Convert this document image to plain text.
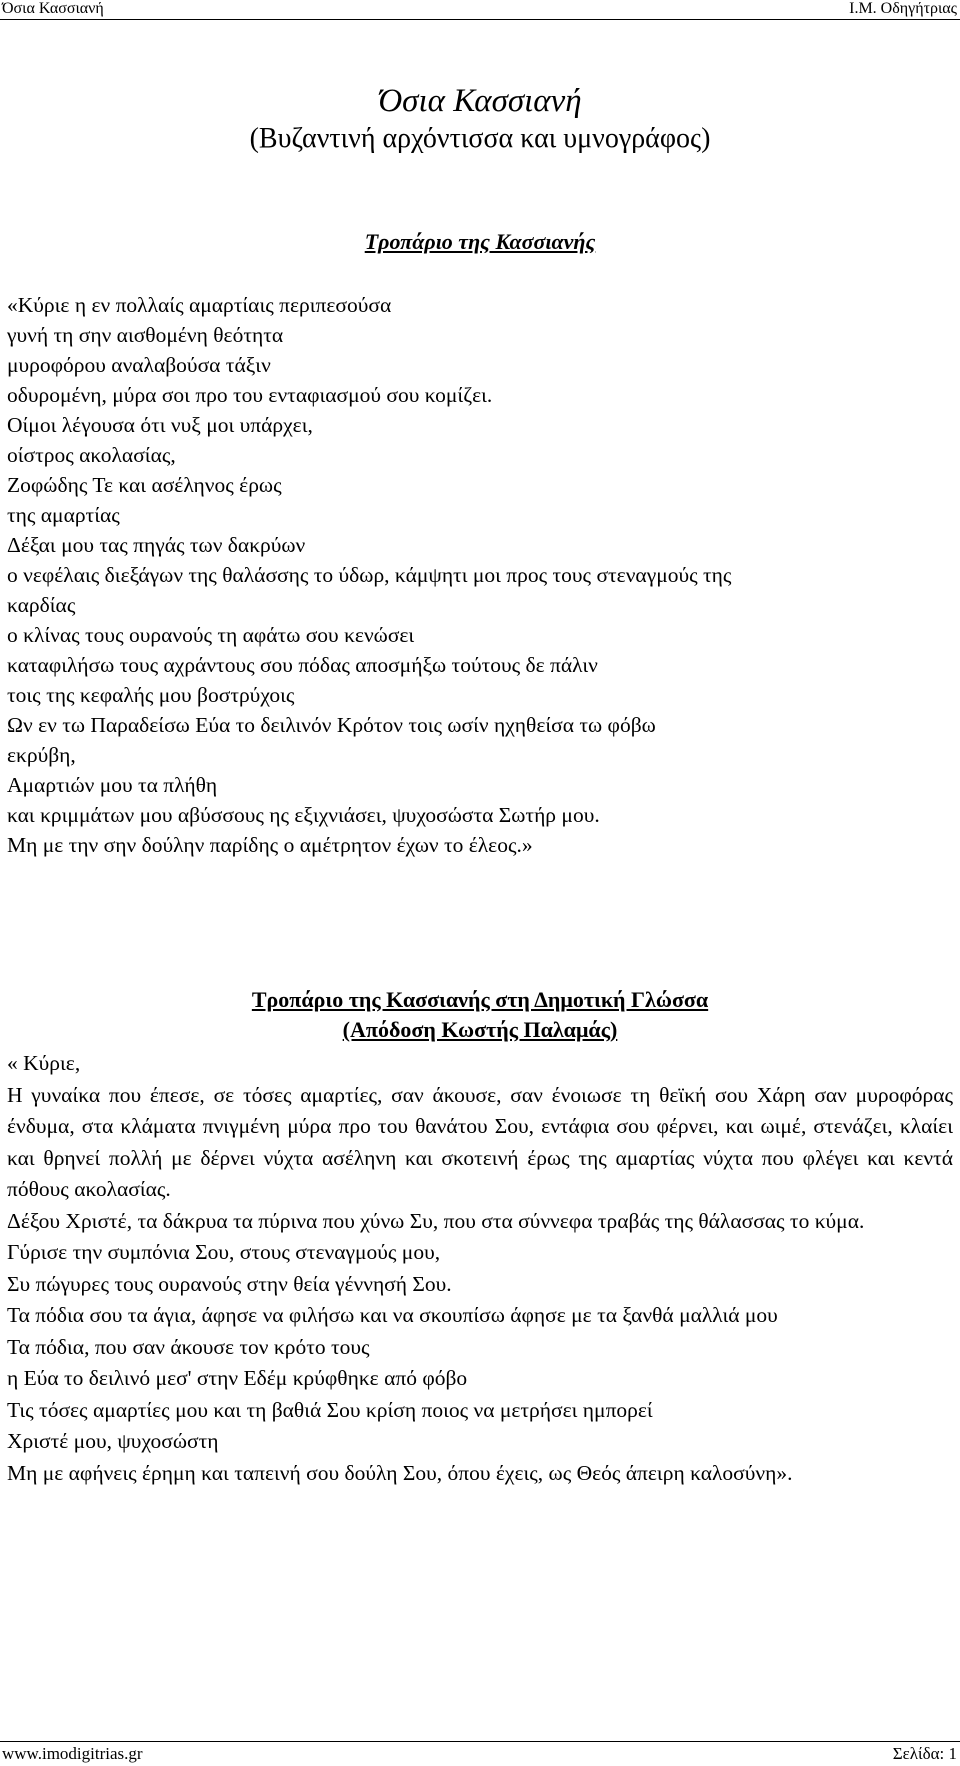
Όσια Κασσιανή	Ι.Μ. Οδηγήτριας
Όσια Κασσιανή
(Βυζαντινή αρχόντισσα και υμνογράφος)
Τροπάριο της Κασσιανής
«Κύριε η εν πολλαίς αμαρτίαις περιπεσούσα
γυνή τη σην αισθομένη θεότητα
μυροφόρου αναλαβούσα τάξιν
οδυρομένη, μύρα σοι προ του ενταφιασμού σου κομίζει.
Οίμοι λέγουσα ότι νυξ μοι υπάρχει,
οίστρος ακολασίας,
Ζοφώδης Τε και ασέληνος έρως
της αμαρτίας
Δέξαι μου τας πηγάς των δακρύων
ο νεφέλαις διεξάγων της θαλάσσης το ύδωρ, κάμψητι μοι προς τους στεναγμούς της
καρδίας
ο κλίνας τους ουρανούς τη αφάτω σου κενώσει
καταφιλήσω τους αχράντους σου πόδας αποσμήξω τούτους δε πάλιν
τοις της κεφαλής μου βοστρύχοις
Ων εν τω Παραδείσω Εύα το δειλινόν Κρότον τοις ωσίν ηχηθείσα τω φόβω
εκρύβη,
Αμαρτιών μου τα πλήθη
και κριμμάτων μου αβύσσους ης εξιχνιάσει, ψυχοσώστα Σωτήρ μου.
Μη με την σην δούλην παρίδης ο αμέτρητον έχων το έλεος.»
Τροπάριο της Κασσιανής στη Δημοτική Γλώσσα
(Απόδοση Κωστής Παλαμάς)
« Κύριε,
Η γυναίκα που έπεσε, σε τόσες αμαρτίες, σαν άκουσε, σαν ένοιωσε τη θεϊκή σου Χάρη σαν μυροφόρας ένδυμα, στα κλάματα πνιγμένη μύρα προ του θανάτου Σου, εντάφια σου φέρνει, και ωιμέ, στενάζει, κλαίει και θρηνεί πολλή με δέρνει νύχτα ασέληνη και σκοτεινή έρως της αμαρτίας νύχτα που φλέγει και κεντά πόθους ακολασίας.
Δέξου Χριστέ, τα δάκρυα τα πύρινα που χύνω Συ, που στα σύννεφα τραβάς της θάλασσας το κύμα.
Γύρισε την συμπόνια Σου, στους στεναγμούς μου,
Συ πώγυρες τους ουρανούς στην θεία γέννησή Σου.
Τα πόδια σου τα άγια, άφησε να φιλήσω και να σκουπίσω άφησε με τα ξανθά μαλλιά μου
Τα πόδια, που σαν άκουσε τον κρότο τους
η Εύα το δειλινό μεσ' στην Εδέμ κρύφθηκε από φόβο
Τις τόσες αμαρτίες μου και τη βαθιά Σου κρίση ποιος να μετρήσει ημπορεί
Χριστέ μου, ψυχοσώστη
Μη με αφήνεις έρημη και ταπεινή σου δούλη Σου, όπου έχεις, ως Θεός άπειρη καλοσύνη».
www.imodigitrias.gr	Σελίδα: 1
